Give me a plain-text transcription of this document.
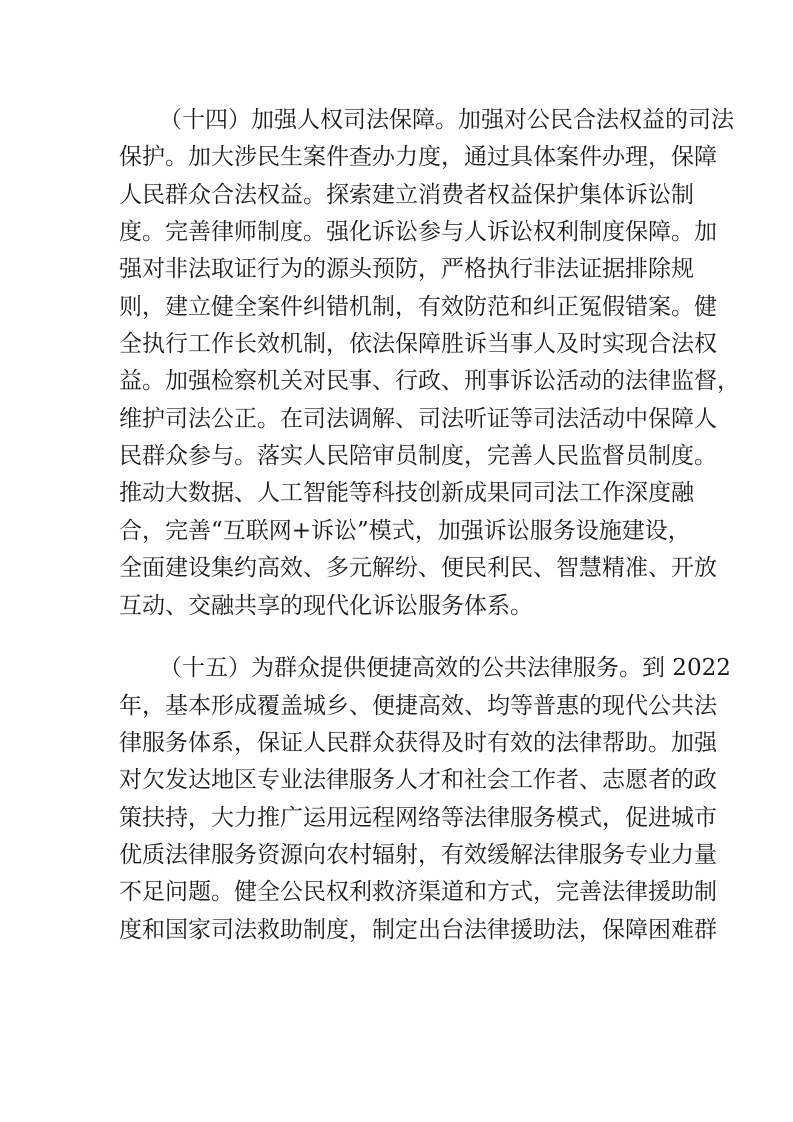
（十四）加强人权司法保障。加强对公民合法权益的司法
保护。加大涉民生案件查办力度，通过具体案件办理，保障
人民群众合法权益。探索建立消费者权益保护集体诉讼制
度。完善律师制度。强化诉讼参与人诉讼权利制度保障。加
强对非法取证行为的源头预防，严格执行非法证据排除规
则，建立健全案件纠错机制，有效防范和纠正冤假错案。健
全执行工作长效机制，依法保障胜诉当事人及时实现合法权
益。加强检察机关对民事、行政、刑事诉讼活动的法律监督，
维护司法公正。在司法调解、司法听证等司法活动中保障人
民群众参与。落实人民陪审员制度，完善人民监督员制度。
推动大数据、人工智能等科技创新成果同司法工作深度融
合，完善“互联网+诉讼”模式，加强诉讼服务设施建设，
全面建设集约高效、多元解纷、便民利民、智慧精准、开放
互动、交融共享的现代化诉讼服务体系。
（十五）为群众提供便捷高效的公共法律服务。到 2022
年，基本形成覆盖城乡、便捷高效、均等普惠的现代公共法
律服务体系，保证人民群众获得及时有效的法律帮助。加强
对欠发达地区专业法律服务人才和社会工作者、志愿者的政
策扶持，大力推广运用远程网络等法律服务模式，促进城市
优质法律服务资源向农村辐射，有效缓解法律服务专业力量
不足问题。健全公民权利救济渠道和方式，完善法律援助制
度和国家司法救助制度，制定出台法律援助法，保障困难群
